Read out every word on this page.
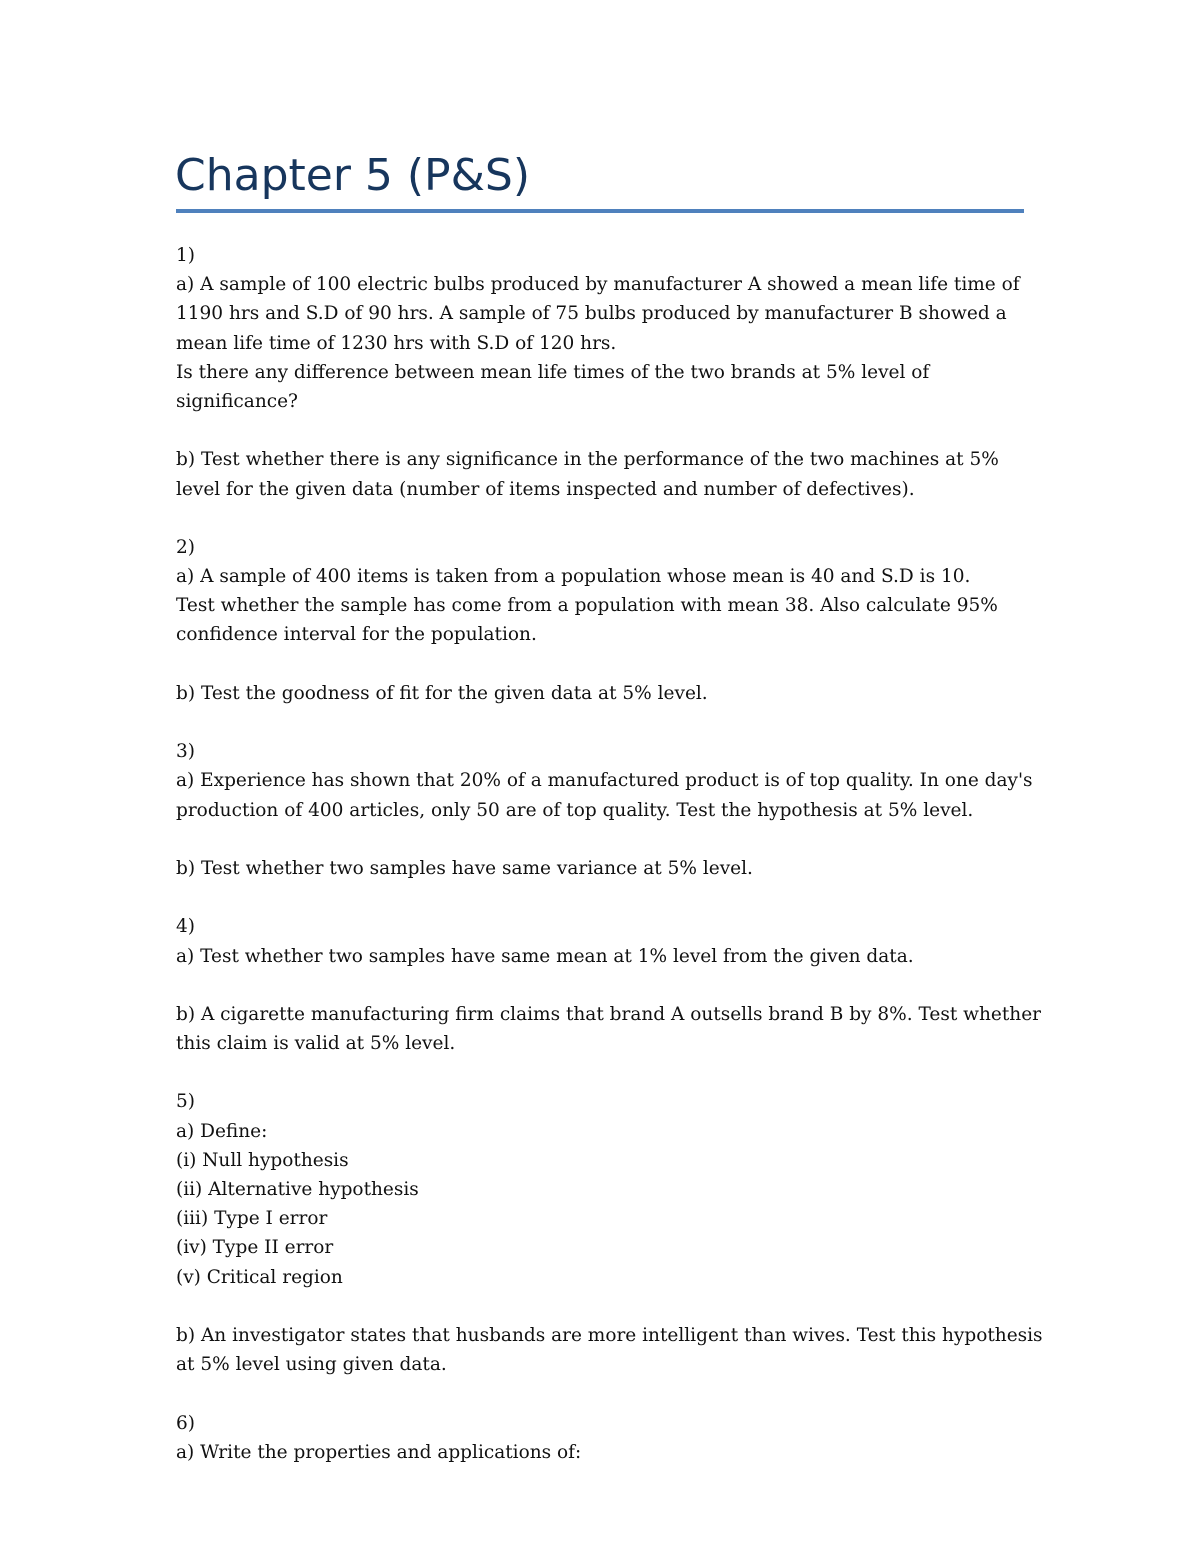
Chapter 5 (P&S)
1)
a) A sample of 100 electric bulbs produced by manufacturer A showed a mean life time of
1190 hrs and S.D of 90 hrs. A sample of 75 bulbs produced by manufacturer B showed a
mean life time of 1230 hrs with S.D of 120 hrs.
Is there any difference between mean life times of the two brands at 5% level of
significance?
b) Test whether there is any significance in the performance of the two machines at 5%
level for the given data (number of items inspected and number of defectives).
2)
a) A sample of 400 items is taken from a population whose mean is 40 and S.D is 10.
Test whether the sample has come from a population with mean 38. Also calculate 95%
confidence interval for the population.
b) Test the goodness of fit for the given data at 5% level.
3)
a) Experience has shown that 20% of a manufactured product is of top quality. In one day's
production of 400 articles, only 50 are of top quality. Test the hypothesis at 5% level.
b) Test whether two samples have same variance at 5% level.
4)
a) Test whether two samples have same mean at 1% level from the given data.
b) A cigarette manufacturing firm claims that brand A outsells brand B by 8%. Test whether
this claim is valid at 5% level.
5)
a) Define:
(i) Null hypothesis
(ii) Alternative hypothesis
(iii) Type I error
(iv) Type II error
(v) Critical region
b) An investigator states that husbands are more intelligent than wives. Test this hypothesis
at 5% level using given data.
6)
a) Write the properties and applications of:
